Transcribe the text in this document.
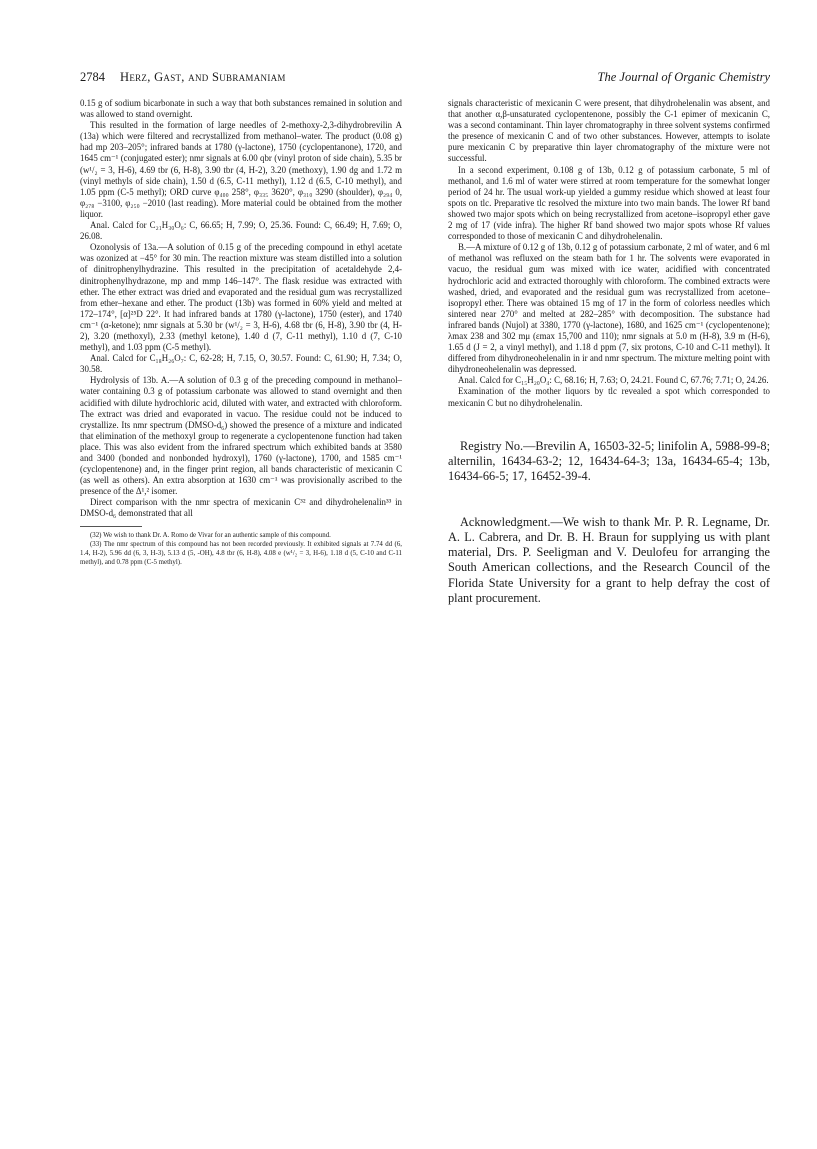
2784 Herz, Gast, and Subramaniam	The Journal of Organic Chemistry

0.15 g of sodium bicarbonate in such a way that both substances remained in solution and was allowed to stand overnight.

This resulted in the formation of large needles of 2-methoxy-2,3-dihydrobrevilin A (13a) which were filtered and recrystallized from methanol–water. The product (0.08 g) had mp 203–205°; infrared bands at 1780 (γ-lactone), 1750 (cyclopentanone), 1720, and 1645 cm⁻¹ (conjugated ester); nmr signals at 6.00 qbr (vinyl proton of side chain), 5.35 br (w¹/₂ = 3, H-6), 4.69 tbr (6, H-8), 3.90 tbr (4, H-2), 3.20 (methoxy), 1.90 dg and 1.72 m (vinyl methyls of side chain), 1.50 d (6.5, C-11 methyl), 1.12 d (6.5, C-10 methyl), and 1.05 ppm (C-5 methyl); ORD curve φ₄₀₀ 258°, φ₃₃₅ 3620°, φ₃₁₀ 3290 (shoulder), φ₂₉₄ 0, φ₂₇₈ −3100, φ₂₅₀ −2010 (last reading). More material could be obtained from the mother liquor.

Anal. Calcd for C₂₁H₃₀O₆: C, 66.65; H, 7.99; O, 25.36. Found: C, 66.49; H, 7.69; O, 26.08.

Ozonolysis of 13a.—A solution of 0.15 g of the preceding compound in ethyl acetate was ozonized at −45° for 30 min. The reaction mixture was steam distilled into a solution of dinitrophenylhydrazine. This resulted in the precipitation of acetaldehyde 2,4-dinitrophenylhydrazone, mp and mmp 146–147°. The flask residue was extracted with ether. The ether extract was dried and evaporated and the residual gum was recrystallized from ether–hexane and ether. The product (13b) was formed in 60% yield and melted at 172–174°, [α]²⁵D 22°. It had infrared bands at 1780 (γ-lactone), 1750 (ester), and 1740 cm⁻¹ (α-ketone); nmr signals at 5.30 br (w¹/₂ = 3, H-6), 4.68 tbr (6, H-8), 3.90 tbr (4, H-2), 3.20 (methoxyl), 2.33 (methyl ketone), 1.40 d (7, C-11 methyl), 1.10 d (7, C-10 methyl), and 1.03 ppm (C-5 methyl).

Anal. Calcd for C₁₈H₂₆O₇: C, 62-28; H, 7.15, O, 30.57. Found: C, 61.90; H, 7.34; O, 30.58.

Hydrolysis of 13b. A.—A solution of 0.3 g of the preceding compound in methanol–water containing 0.3 g of potassium carbonate was allowed to stand overnight and then acidified with dilute hydrochloric acid, diluted with water, and extracted with chloroform. The extract was dried and evaporated in vacuo. The residue could not be induced to crystallize. Its nmr spectrum (DMSO-d₆) showed the presence of a mixture and indicated that elimination of the methoxyl group to regenerate a cyclopentenone function had taken place. This was also evident from the infrared spectrum which exhibited bands at 3580 and 3400 (bonded and nonbonded hydroxyl), 1760 (γ-lactone), 1700, and 1585 cm⁻¹ (cyclopentenone) and, in the finger print region, all bands characteristic of mexicanin C (as well as others). An extra absorption at 1630 cm⁻¹ was provisionally ascribed to the presence of the Δ¹,² isomer.

Direct comparison with the nmr spectra of mexicanin C³² and dihydrohelenalin³³ in DMSO-d₆ demonstrated that all

(32) We wish to thank Dr. A. Romo de Vivar for an authentic sample of this compound.

(33) The nmr spectrum of this compound has not been recorded previously. It exhibited signals at 7.74 dd (6, 1.4, H-2), 5.96 dd (6, 3, H-3), 5.13 d (5, -OH), 4.8 tbr (6, H-8), 4.08 e (w¹/₂ = 3, H-6), 1.18 d (5, C-10 and C-11 methyl), and 0.78 ppm (C-5 methyl).

signals characteristic of mexicanin C were present, that dihydrohelenalin was absent, and that another α,β-unsaturated cyclopentenone, possibly the C-1 epimer of mexicanin C, was a second contaminant. Thin layer chromatography in three solvent systems confirmed the presence of mexicanin C and of two other substances. However, attempts to isolate pure mexicanin C by preparative thin layer chromatography of the mixture were not successful.

In a second experiment, 0.108 g of 13b, 0.12 g of potassium carbonate, 5 ml of methanol, and 1.6 ml of water were stirred at room temperature for the somewhat longer period of 24 hr. The usual work-up yielded a gummy residue which showed at least four spots on tlc. Preparative tlc resolved the mixture into two main bands. The lower Rf band showed two major spots which on being recrystallized from acetone–isopropyl ether gave 2 mg of 17 (vide infra). The higher Rf band showed two major spots whose Rf values corresponded to those of mexicanin C and dihydrohelenalin.

B.—A mixture of 0.12 g of 13b, 0.12 g of potassium carbonate, 2 ml of water, and 6 ml of methanol was refluxed on the steam bath for 1 hr. The solvents were evaporated in vacuo, the residual gum was mixed with ice water, acidified with concentrated hydrochloric acid and extracted thoroughly with chloroform. The combined extracts were washed, dried, and evaporated and the residual gum was recrystallized from acetone–isopropyl ether. There was obtained 15 mg of 17 in the form of colorless needles which sintered near 270° and melted at 282–285° with decomposition. The substance had infrared bands (Nujol) at 3380, 1770 (γ-lactone), 1680, and 1625 cm⁻¹ (cyclopentenone); λmax 238 and 302 mμ (εmax 15,700 and 110); nmr signals at 5.0 m (H-8), 3.9 m (H-6), 1.65 d (J = 2, a vinyl methyl), and 1.18 d ppm (7, six protons, C-10 and C-11 methyl). It differed from dihydroneohelenalin in ir and nmr spectrum. The mixture melting point with dihydroneohelenalin was depressed.

Anal. Calcd for C₁₅H₂₀O₄: C, 68.16; H, 7.63; O, 24.21. Found C, 67.76; 7.71; O, 24.26.

Examination of the mother liquors by tlc revealed a spot which corresponded to mexicanin C but no dihydrohelenalin.

Registry No.—Brevilin A, 16503-32-5; linifolin A, 5988-99-8; alternilin, 16434-63-2; 12, 16434-64-3; 13a, 16434-65-4; 13b, 16434-66-5; 17, 16452-39-4.

Acknowledgment.—We wish to thank Mr. P. R. Legname, Dr. A. L. Cabrera, and Dr. B. H. Braun for supplying us with plant material, Drs. P. Seeligman and V. Deulofeu for arranging the South American collections, and the Research Council of the Florida State University for a grant to help defray the cost of plant procurement.
